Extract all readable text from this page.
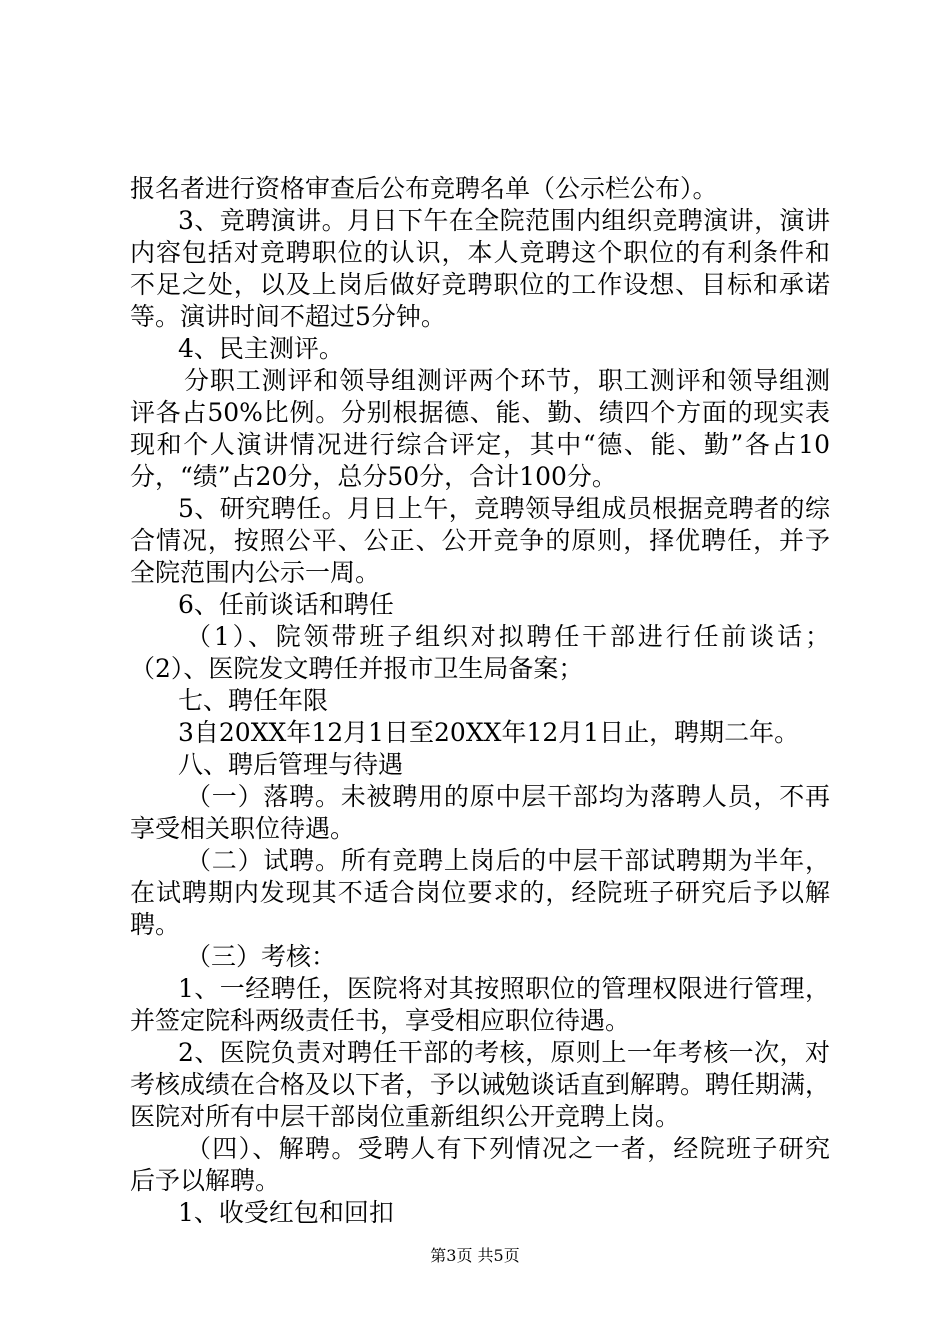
报名者进行资格审查后公布竞聘名单（公示栏公布）。
3、竞聘演讲。月日下午在全院范围内组织竞聘演讲，演讲
内容包括对竞聘职位的认识，本人竞聘这个职位的有利条件和
不足之处，以及上岗后做好竞聘职位的工作设想、目标和承诺
等。演讲时间不超过5分钟。
4、民主测评。
分职工测评和领导组测评两个环节，职工测评和领导组测
评各占50%比例。分别根据德、能、勤、绩四个方面的现实表
现和个人演讲情况进行综合评定，其中“德、能、勤”各占10
分，“绩”占20分，总分50分，合计100分。
5、研究聘任。月日上午，竞聘领导组成员根据竞聘者的综
合情况，按照公平、公正、公开竞争的原则，择优聘任，并予
全院范围内公示一周。
6、任前谈话和聘任
（1）、院领带班子组织对拟聘任干部进行任前谈话；
（2）、医院发文聘任并报市卫生局备案；
七、聘任年限
3自20XX年12月1日至20XX年12月1日止，聘期二年。
八、聘后管理与待遇
（一）落聘。未被聘用的原中层干部均为落聘人员，不再
享受相关职位待遇。
（二）试聘。所有竞聘上岗后的中层干部试聘期为半年，
在试聘期内发现其不适合岗位要求的，经院班子研究后予以解
聘。
（三）考核：
1、一经聘任，医院将对其按照职位的管理权限进行管理，
并签定院科两级责任书，享受相应职位待遇。
2、医院负责对聘任干部的考核，原则上一年考核一次，对
考核成绩在合格及以下者，予以诫勉谈话直到解聘。聘任期满，
医院对所有中层干部岗位重新组织公开竞聘上岗。
（四）、解聘。受聘人有下列情况之一者，经院班子研究
后予以解聘。
1、收受红包和回扣
第3页 共5页
